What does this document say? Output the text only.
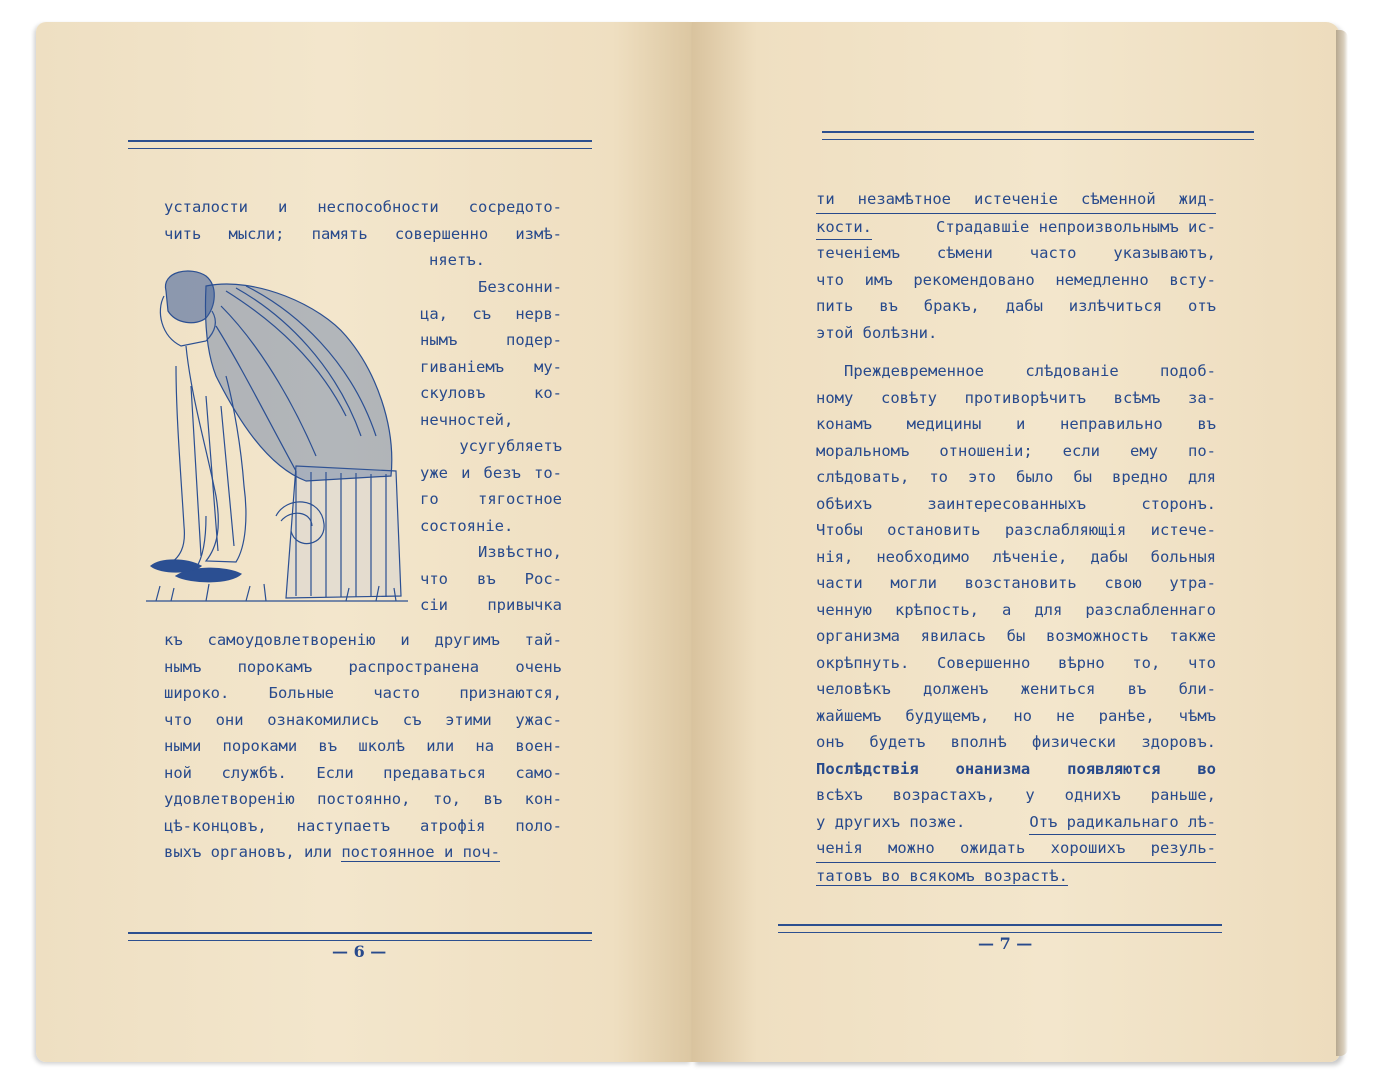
усталости и неспособности сосредото-
чить мысли; память совершенно измѣ-
няетъ.
Безсонни-
ца, съ нерв-
нымъ подер-
гиваніемъ му-
скуловъ ко-
нечностей,
усугубляетъ
уже и безъ то-
го тягостное
состояніе.
Извѣстно,
что въ Рос-
сіи привычка
къ самоудовлетворенію и другимъ тай-
нымъ порокамъ распространена очень
широко. Больные часто признаются,
что они ознакомились съ этими ужас-
ными пороками въ школѣ или на воен-
ной службѣ. Если предаваться само-
удовлетворенію постоянно, то, въ кон-
цѣ-концовъ, наступаетъ атрофія поло-
выхъ органовъ, или постоянное и поч-
— 6 —
ти незамѣтное истеченіе сѣменной жид-
кости.	Страдавшіе непроизвольнымъ ис-
теченіемъ сѣмени часто указываютъ,
что имъ рекомендовано немедленно всту-
пить въ бракъ, дабы излѣчиться отъ
этой болѣзни.
Преждевременное слѣдованіе подоб-
ному совѣту противорѣчитъ всѣмъ за-
конамъ медицины и неправильно въ
моральномъ отношеніи; если ему по-
слѣдовать, то это было бы вредно для
обѣихъ заинтересованныхъ сторонъ.
Чтобы остановить разслабляющія истече-
нія, необходимо лѣченіе, дабы больныя
части могли возстановить свою утра-
ченную крѣпость, а для разслабленнаго
организма явилась бы возможность также
окрѣпнуть. Совершенно вѣрно то, что
человѣкъ долженъ жениться въ бли-
жайшемъ будущемъ, но не ранѣе, чѣмъ
онъ будетъ вполнѣ физически здоровъ.
Послѣдствія онанизма появляются во
всѣхъ возрастахъ, у однихъ раньше,
у другихъ позже.	Отъ радикальнаго лѣ-
ченія можно ожидать хорошихъ резуль-
татовъ во всякомъ возрастѣ.
— 7 —
